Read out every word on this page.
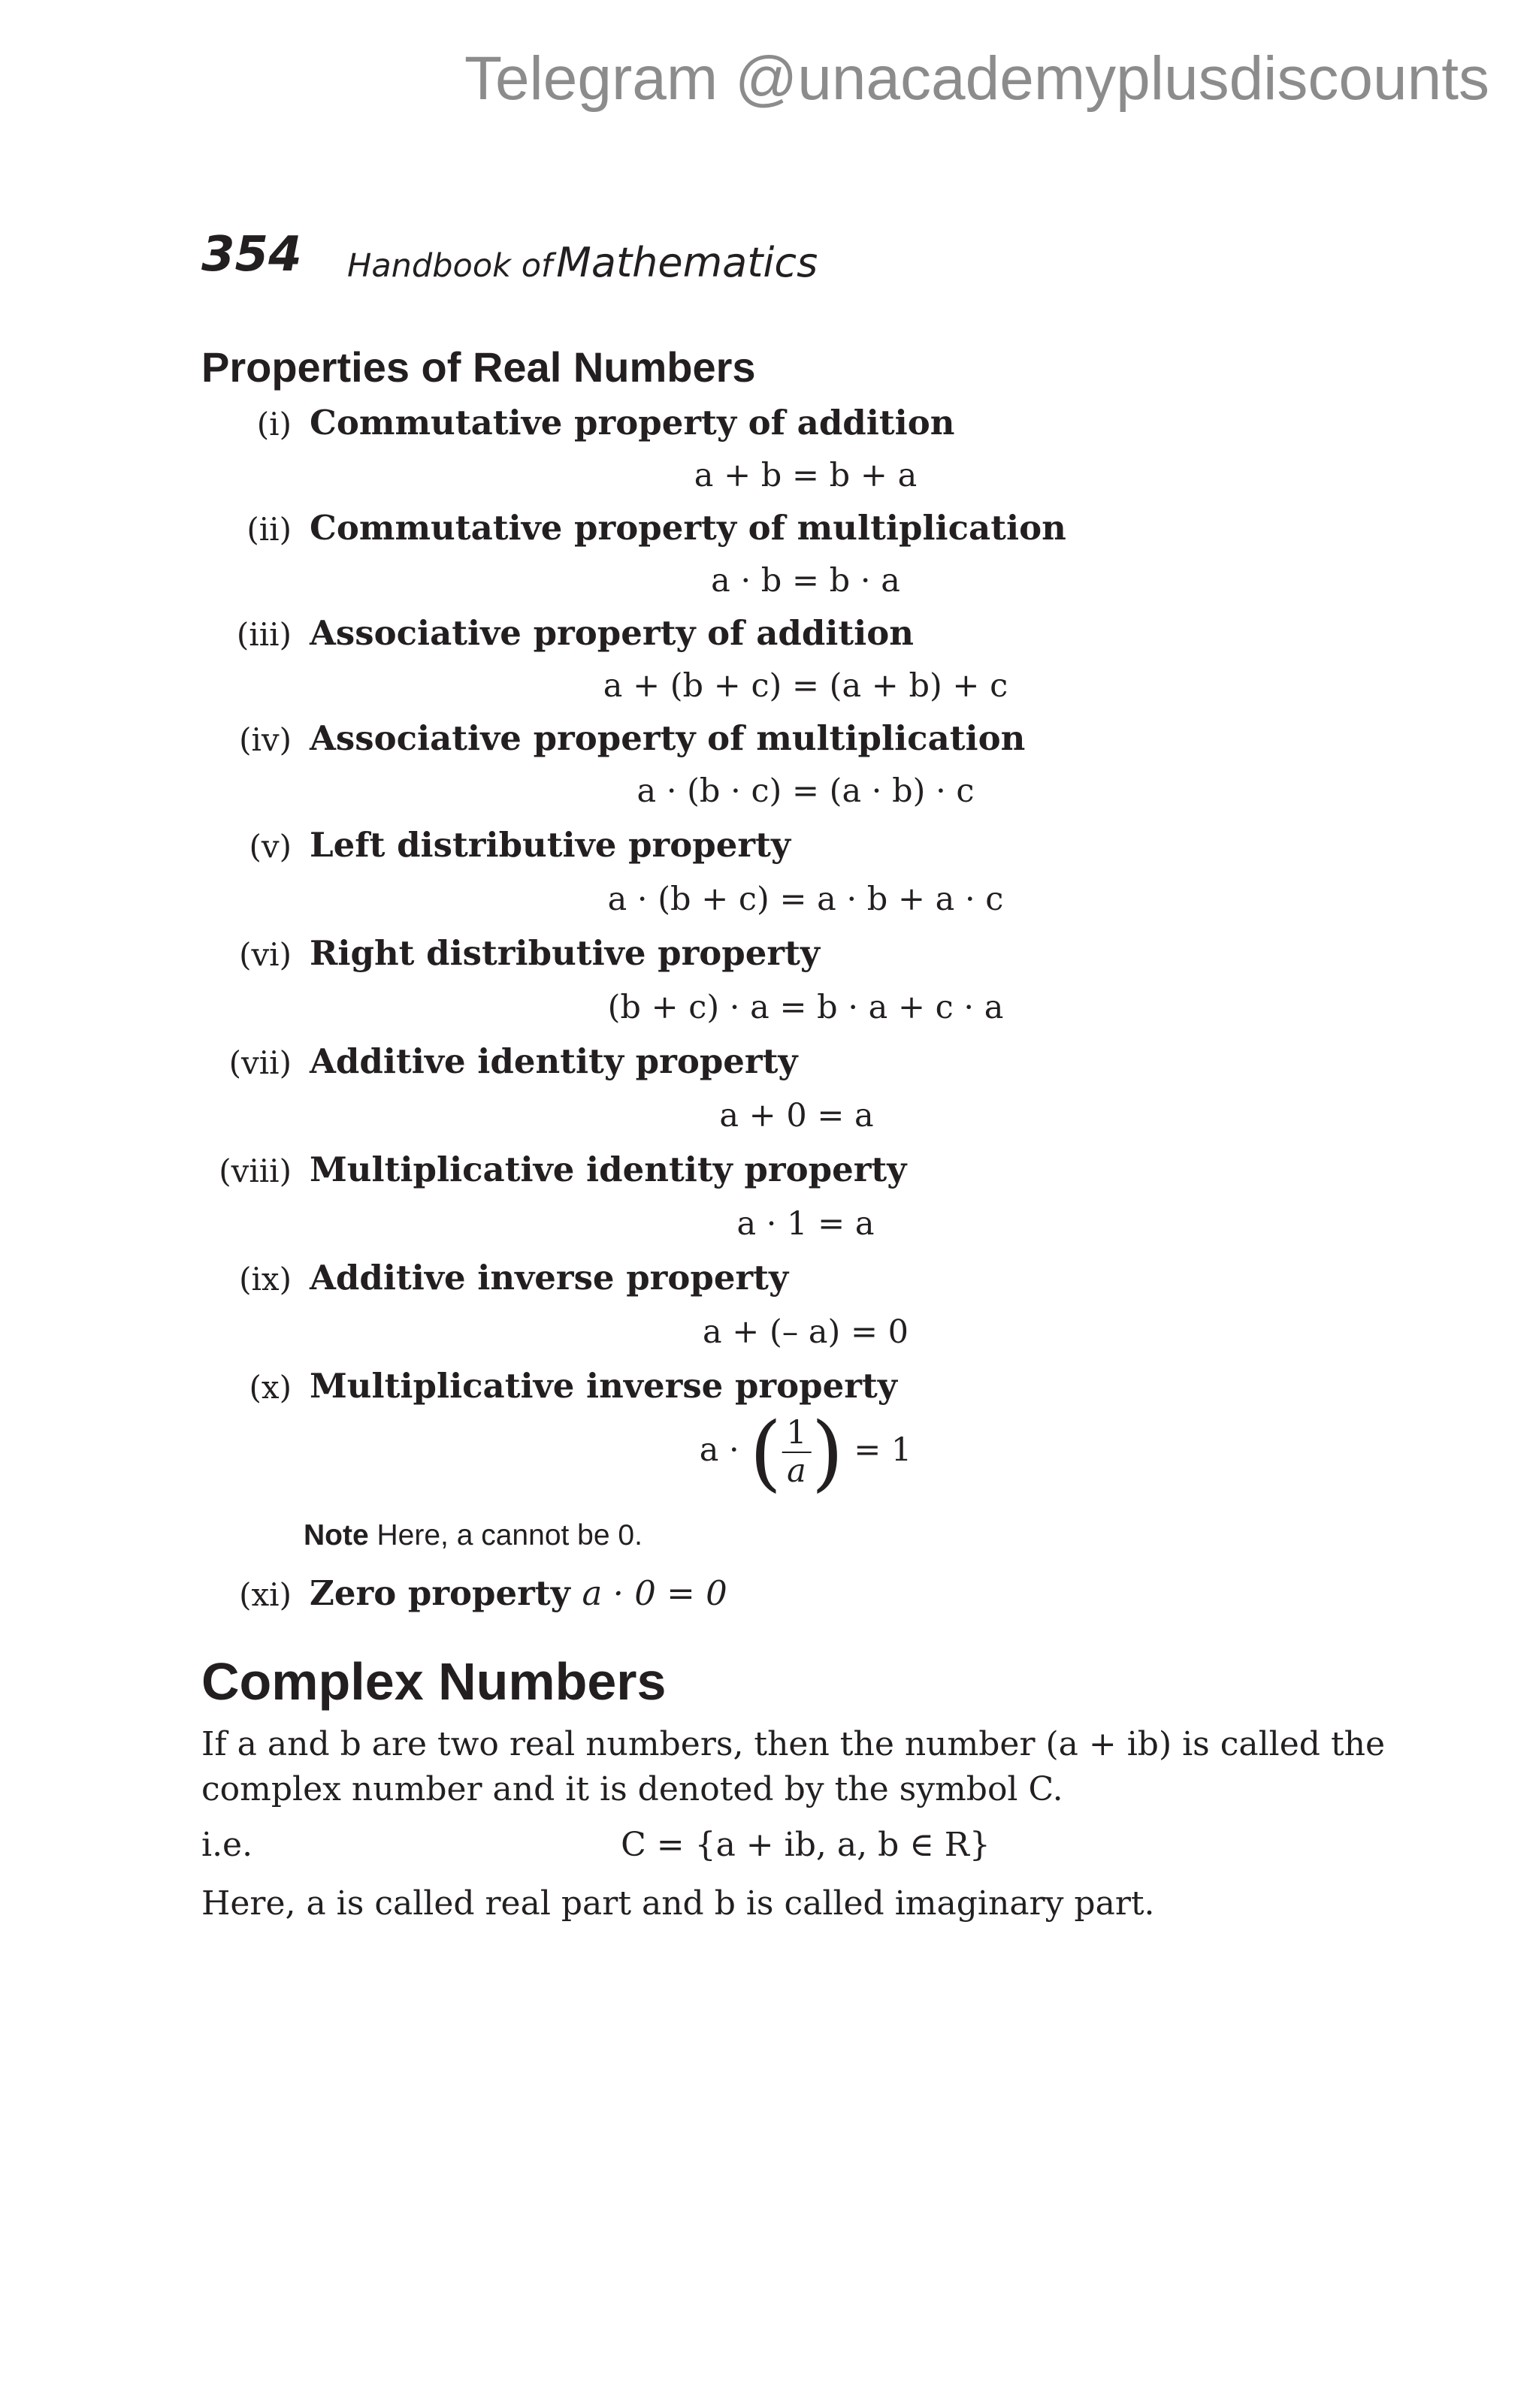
Telegram @unacademyplusdiscounts
354 Handbook of Mathematics
Properties of Real Numbers
(i) Commutative property of addition
a + b = b + a
(ii) Commutative property of multiplication
a · b = b · a
(iii) Associative property of addition
a + (b + c) = (a + b) + c
(iv) Associative property of multiplication
a · (b · c) = (a · b) · c
(v) Left distributive property
a · (b + c) = a · b + a · c
(vi) Right distributive property
(b + c) · a = b · a + c · a
(vii) Additive identity property
a + 0 = a
(viii) Multiplicative identity property
a · 1 = a
(ix) Additive inverse property
a + (– a) = 0
(x) Multiplicative inverse property
a · ( $\frac{1}{a}$ ) = 1
Note Here, a cannot be 0.
(xi) Zero property a · 0 = 0
Complex Numbers
If a and b are two real numbers, then the number (a + ib) is called the
complex number and it is denoted by the symbol C.
i.e.	C = {a + ib, a, b ∈ R}
Here, a is called real part and b is called imaginary part.
